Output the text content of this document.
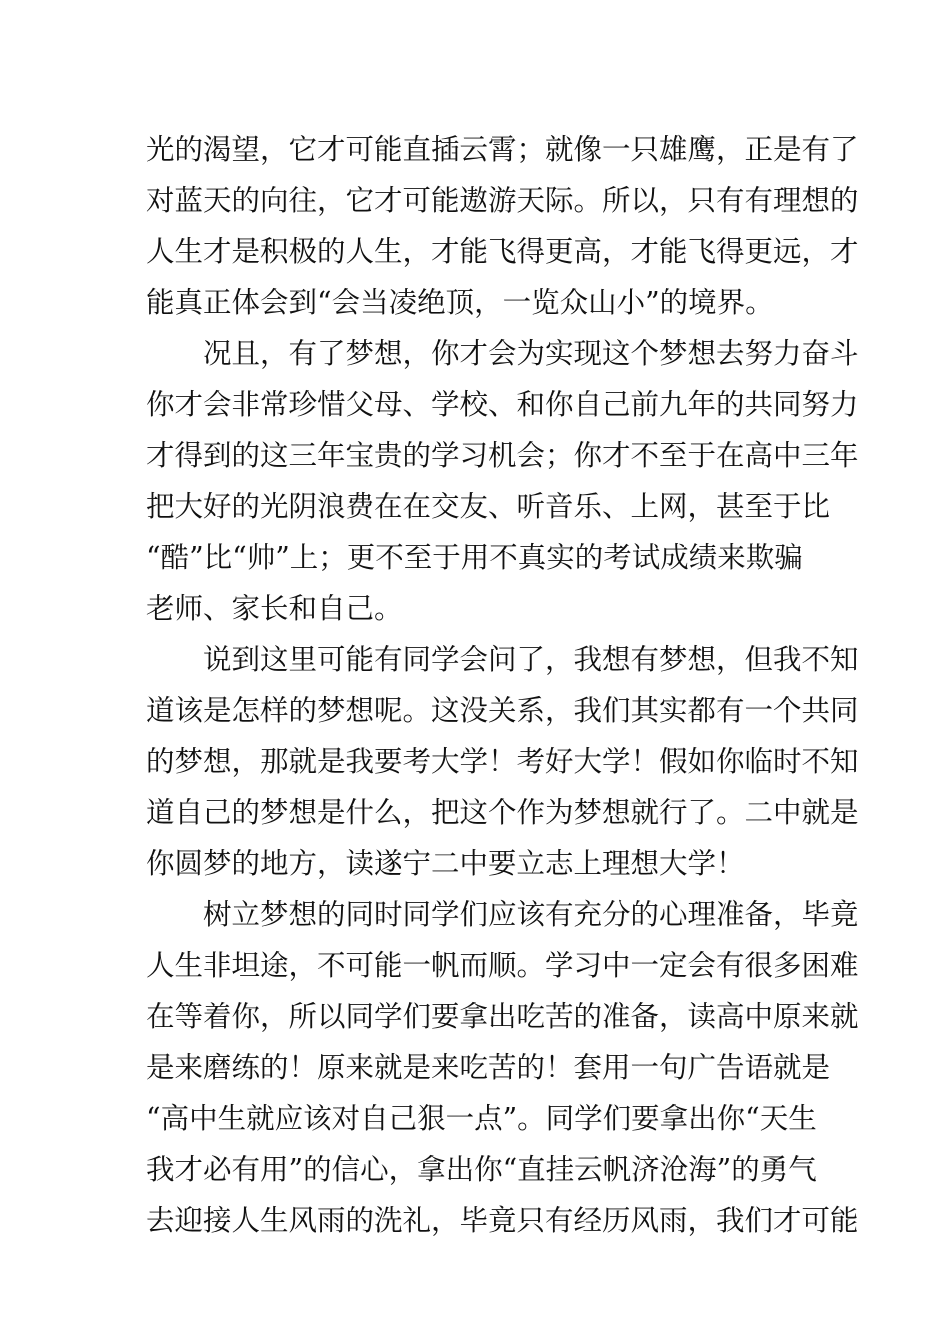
光的渴望，它才可能直插云霄；就像一只雄鹰，正是有了
对蓝天的向往，它才可能遨游天际。所以，只有有理想的
人生才是积极的人生，才能飞得更高，才能飞得更远，才
能真正体会到“会当凌绝顶，一览众山小”的境界。
况且，有了梦想，你才会为实现这个梦想去努力奋斗
你才会非常珍惜父母、学校、和你自己前九年的共同努力
才得到的这三年宝贵的学习机会；你才不至于在高中三年
把大好的光阴浪费在在交友、听音乐、上网，甚至于比
“酷”比“帅”上；更不至于用不真实的考试成绩来欺骗
老师、家长和自己。
说到这里可能有同学会问了，我想有梦想，但我不知
道该是怎样的梦想呢。这没关系，我们其实都有一个共同
的梦想，那就是我要考大学！考好大学！假如你临时不知
道自己的梦想是什么，把这个作为梦想就行了。二中就是
你圆梦的地方，读遂宁二中要立志上理想大学！
树立梦想的同时同学们应该有充分的心理准备，毕竟
人生非坦途，不可能一帆而顺。学习中一定会有很多困难
在等着你，所以同学们要拿出吃苦的准备，读高中原来就
是来磨练的！原来就是来吃苦的！套用一句广告语就是
“高中生就应该对自己狠一点”。同学们要拿出你“天生
我才必有用”的信心，拿出你“直挂云帆济沧海”的勇气
去迎接人生风雨的洗礼，毕竟只有经历风雨，我们才可能
